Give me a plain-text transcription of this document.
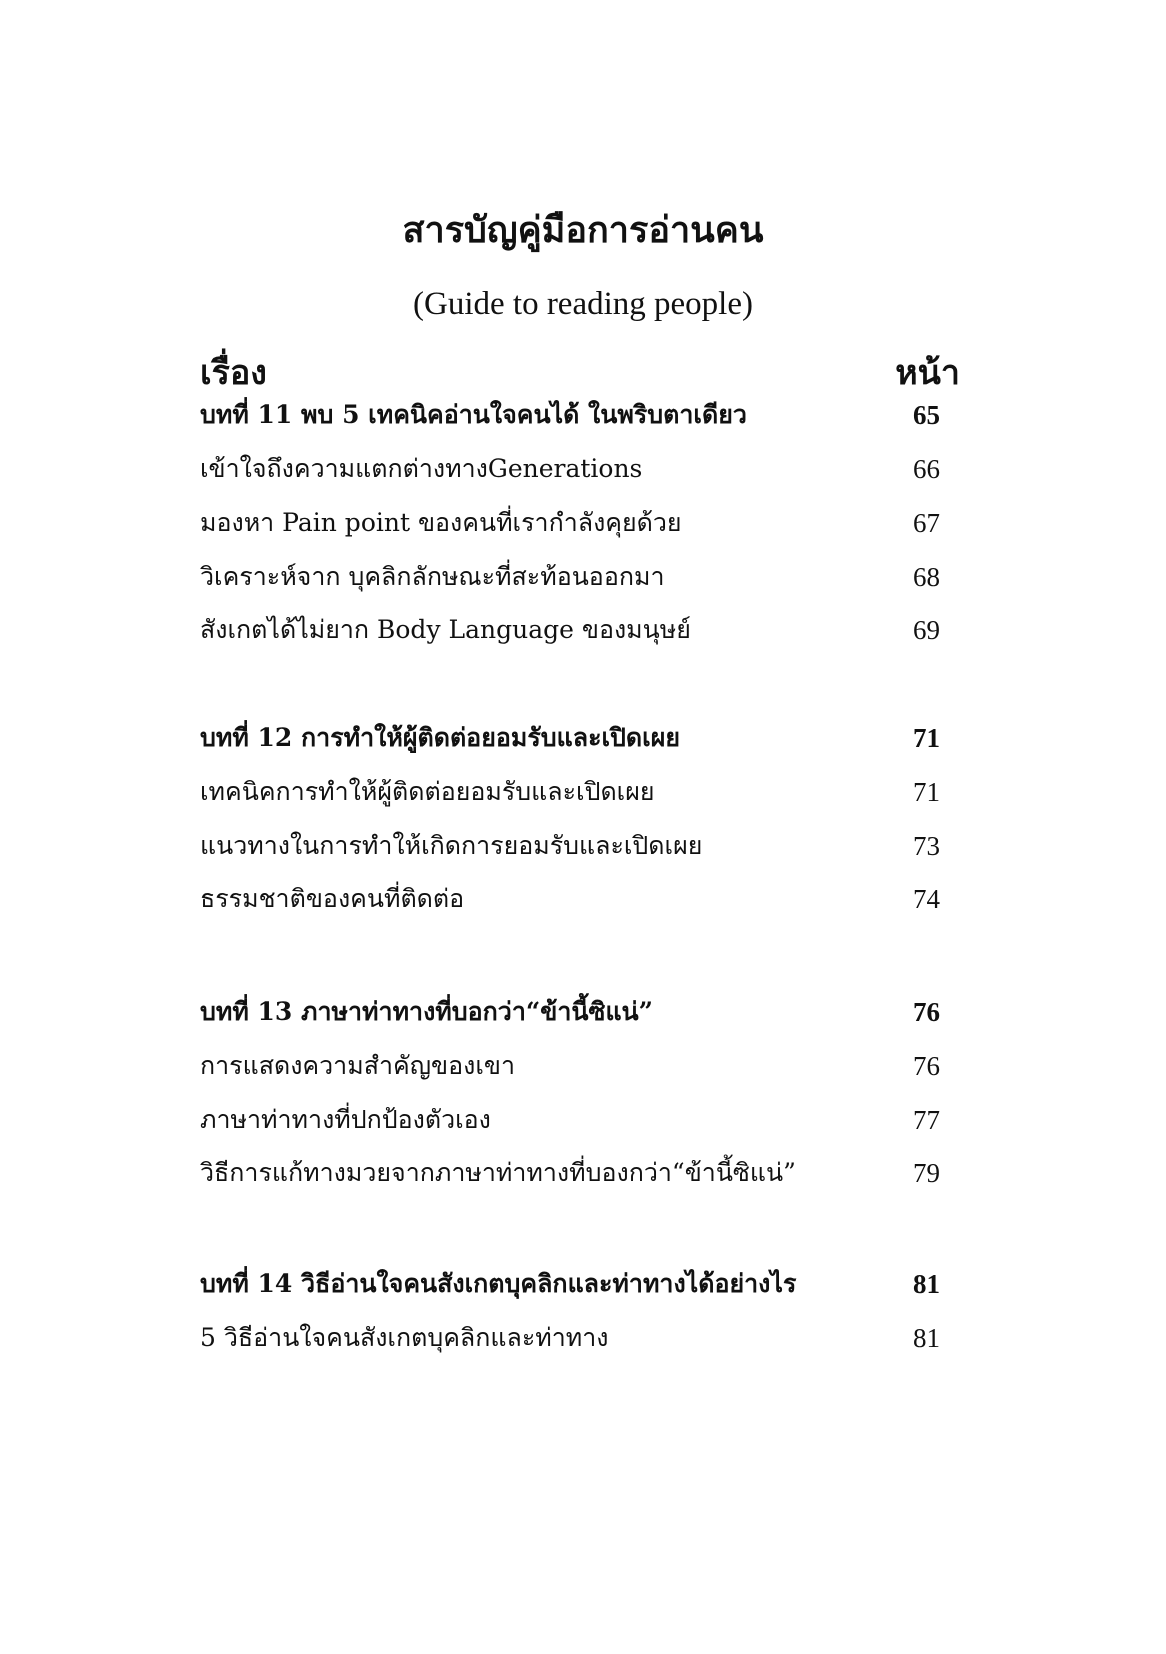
สารบัญคู่มือการอ่านคน
(Guide to reading people)
เรื่อง	หน้า
บทที่ 11 พบ 5 เทคนิคอ่านใจคนได้ ในพริบตาเดียว	65
เข้าใจถึงความแตกต่างทางGenerations	66
มองหา Pain point ของคนที่เรากำลังคุยด้วย	67
วิเคราะห์จาก บุคลิกลักษณะที่สะท้อนออกมา	68
สังเกตได้ไม่ยาก Body Language ของมนุษย์	69
บทที่ 12 การทำให้ผู้ติดต่อยอมรับและเปิดเผย	71
เทคนิคการทำให้ผู้ติดต่อยอมรับและเปิดเผย	71
แนวทางในการทำให้เกิดการยอมรับและเปิดเผย	73
ธรรมชาติของคนที่ติดต่อ	74
บทที่ 13 ภาษาท่าทางที่บอกว่า“ข้านี้ซิแน่”	76
การแสดงความสำคัญของเขา	76
ภาษาท่าทางที่ปกป้องตัวเอง	77
วิธีการแก้ทางมวยจากภาษาท่าทางที่บองกว่า“ข้านี้ซิแน่”	79
บทที่ 14 วิธีอ่านใจคนสังเกตบุคลิกและท่าทางได้อย่างไร	81
5 วิธีอ่านใจคนสังเกตบุคลิกและท่าทาง	81
